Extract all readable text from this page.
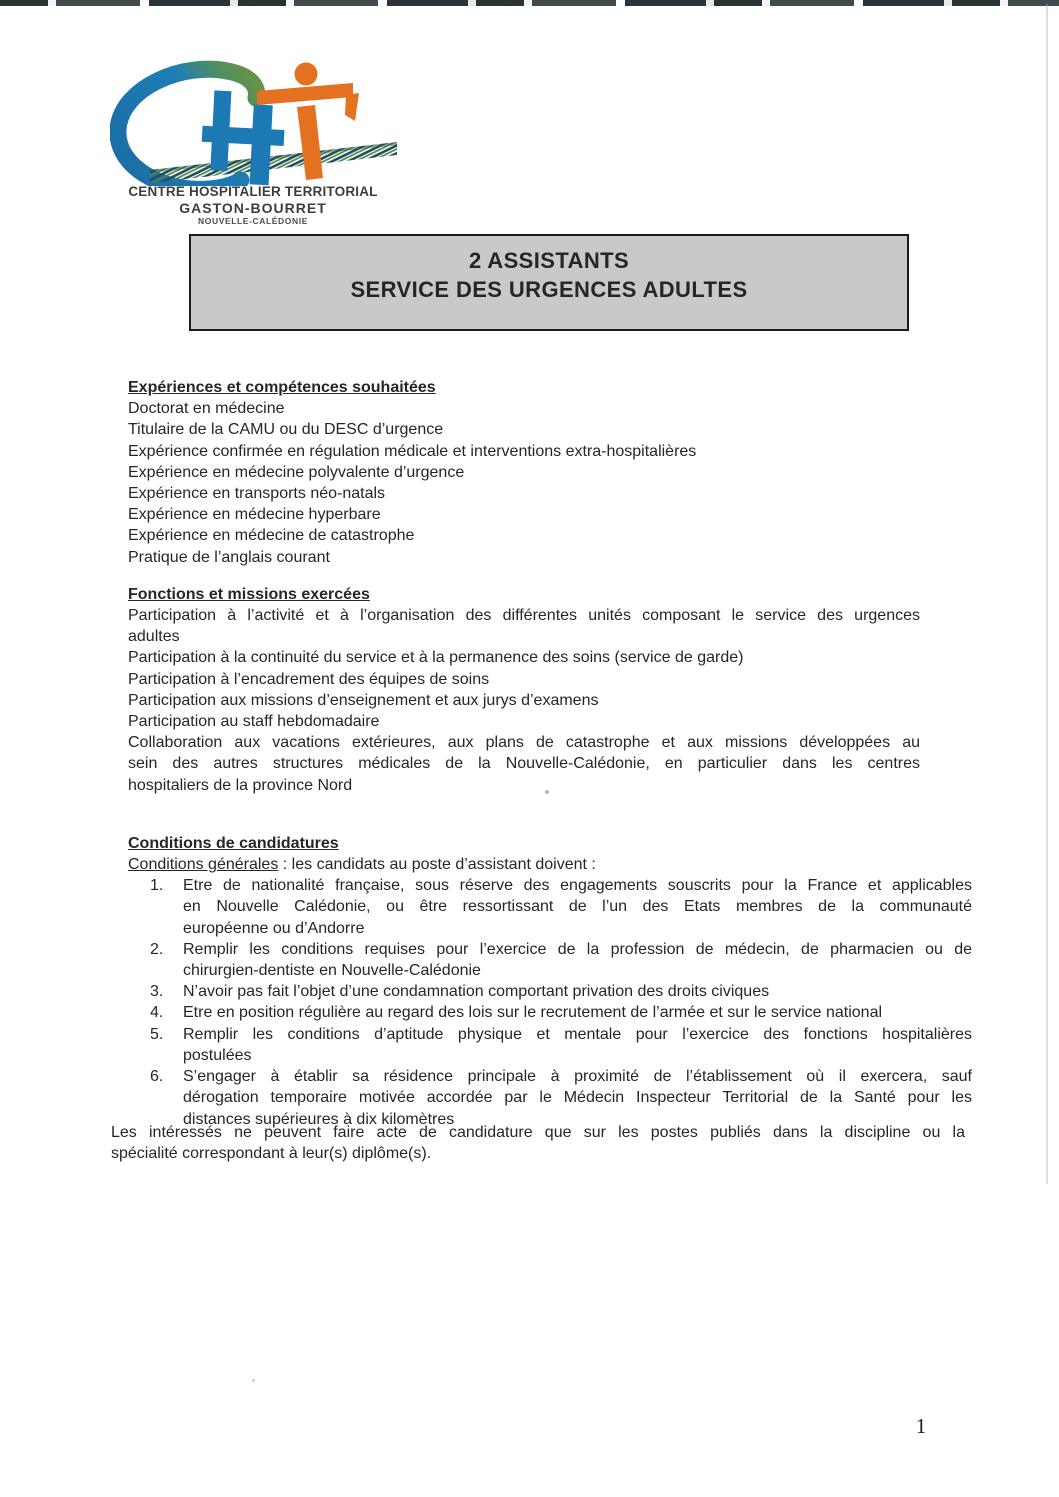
CENTRE HOSPITALIER TERRITORIAL
GASTON-BOURRET
NOUVELLE-CALÉDONIE
2 ASSISTANTS
SERVICE DES URGENCES ADULTES
Expériences et compétences souhaitées
Doctorat en médecine
Titulaire de la CAMU ou du DESC d’urgence
Expérience confirmée en régulation médicale et interventions extra-hospitalières
Expérience en médecine polyvalente d’urgence
Expérience en transports néo-natals
Expérience en médecine hyperbare
Expérience en médecine de catastrophe
Pratique de l’anglais courant
Fonctions et missions exercées
Participation à l’activité et à l’organisation des différentes unités composant le service des urgences
adultes
Participation à la continuité du service et à la permanence des soins (service de garde)
Participation à l’encadrement des équipes de soins
Participation aux missions d’enseignement et aux jurys d’examens
Participation au staff hebdomadaire
Collaboration aux vacations extérieures, aux plans de catastrophe et aux missions développées au
sein des autres structures médicales de la Nouvelle-Calédonie, en particulier dans les centres
hospitaliers de la province Nord
Conditions de candidatures

Conditions générales : les candidats au poste d’assistant doivent :

1. Etre de nationalité française, sous réserve des engagements souscrits pour la France et applicables
en Nouvelle Calédonie, ou être ressortissant de l’un des Etats membres de la communauté
européenne ou d’Andorre
2. Remplir les conditions requises pour l’exercice de la profession de médecin, de pharmacien ou de
chirurgien-dentiste en Nouvelle-Calédonie
3. N’avoir pas fait l’objet d’une condamnation comportant privation des droits civiques
4. Etre en position régulière au regard des lois sur le recrutement de l’armée et sur le service national
5. Remplir les conditions d’aptitude physique et mentale pour l’exercice des fonctions hospitalières
postulées
6. S’engager à établir sa résidence principale à proximité de l’établissement où il exercera, sauf
dérogation temporaire motivée accordée par le Médecin Inspecteur Territorial de la Santé pour les
distances supérieures à dix kilomètres
Les intéressés ne peuvent faire acte de candidature que sur les postes publiés dans la discipline ou la
spécialité correspondant à leur(s) diplôme(s).
1
